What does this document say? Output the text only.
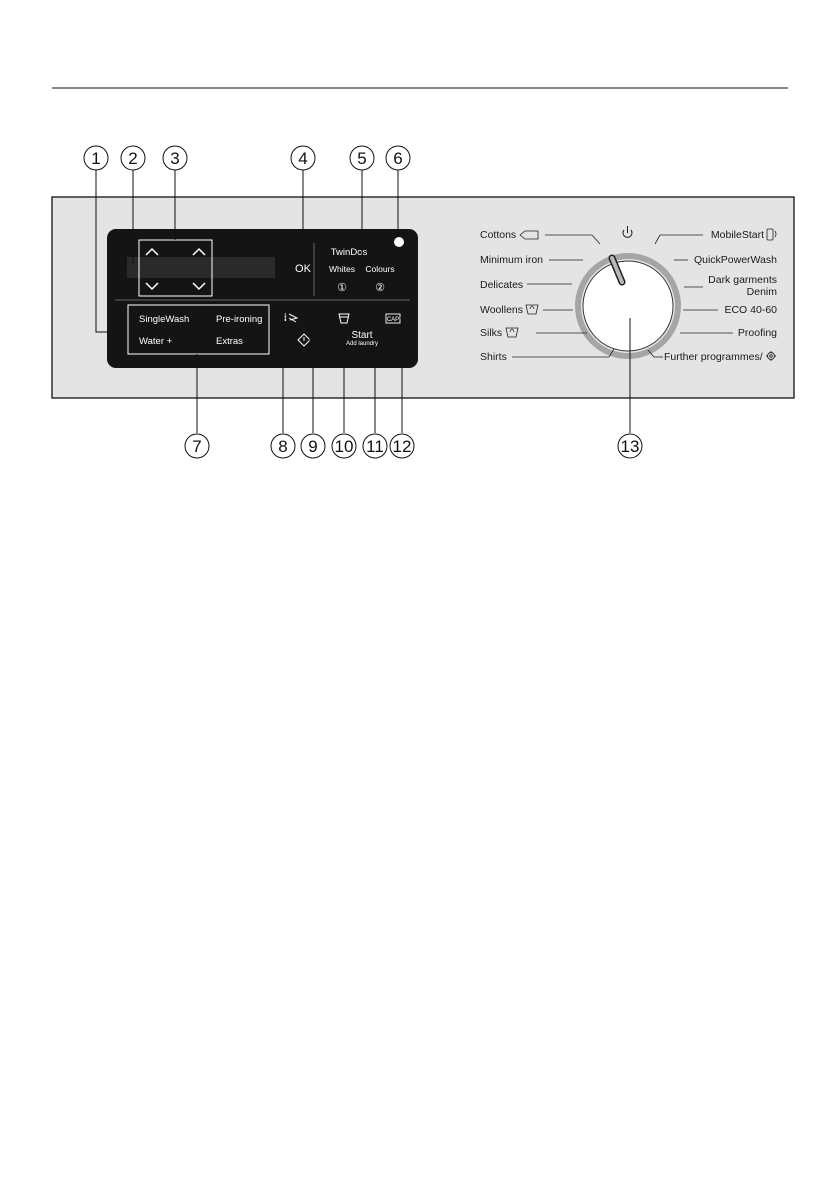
OK
TwinDos
Whites Colours
①	②
SingleWash	Pre-ironing
Water +	Extras
i
Start
Add laundry
CAP
Cottons
Minimum iron
Delicates
Woollens
Silks
Shirts
MobileStart
QuickPowerWash
Dark garments
Denim
ECO 40-60
Proofing
Further programmes/
1 2 3	4	5 6
7	8 9 10 11 12	13
